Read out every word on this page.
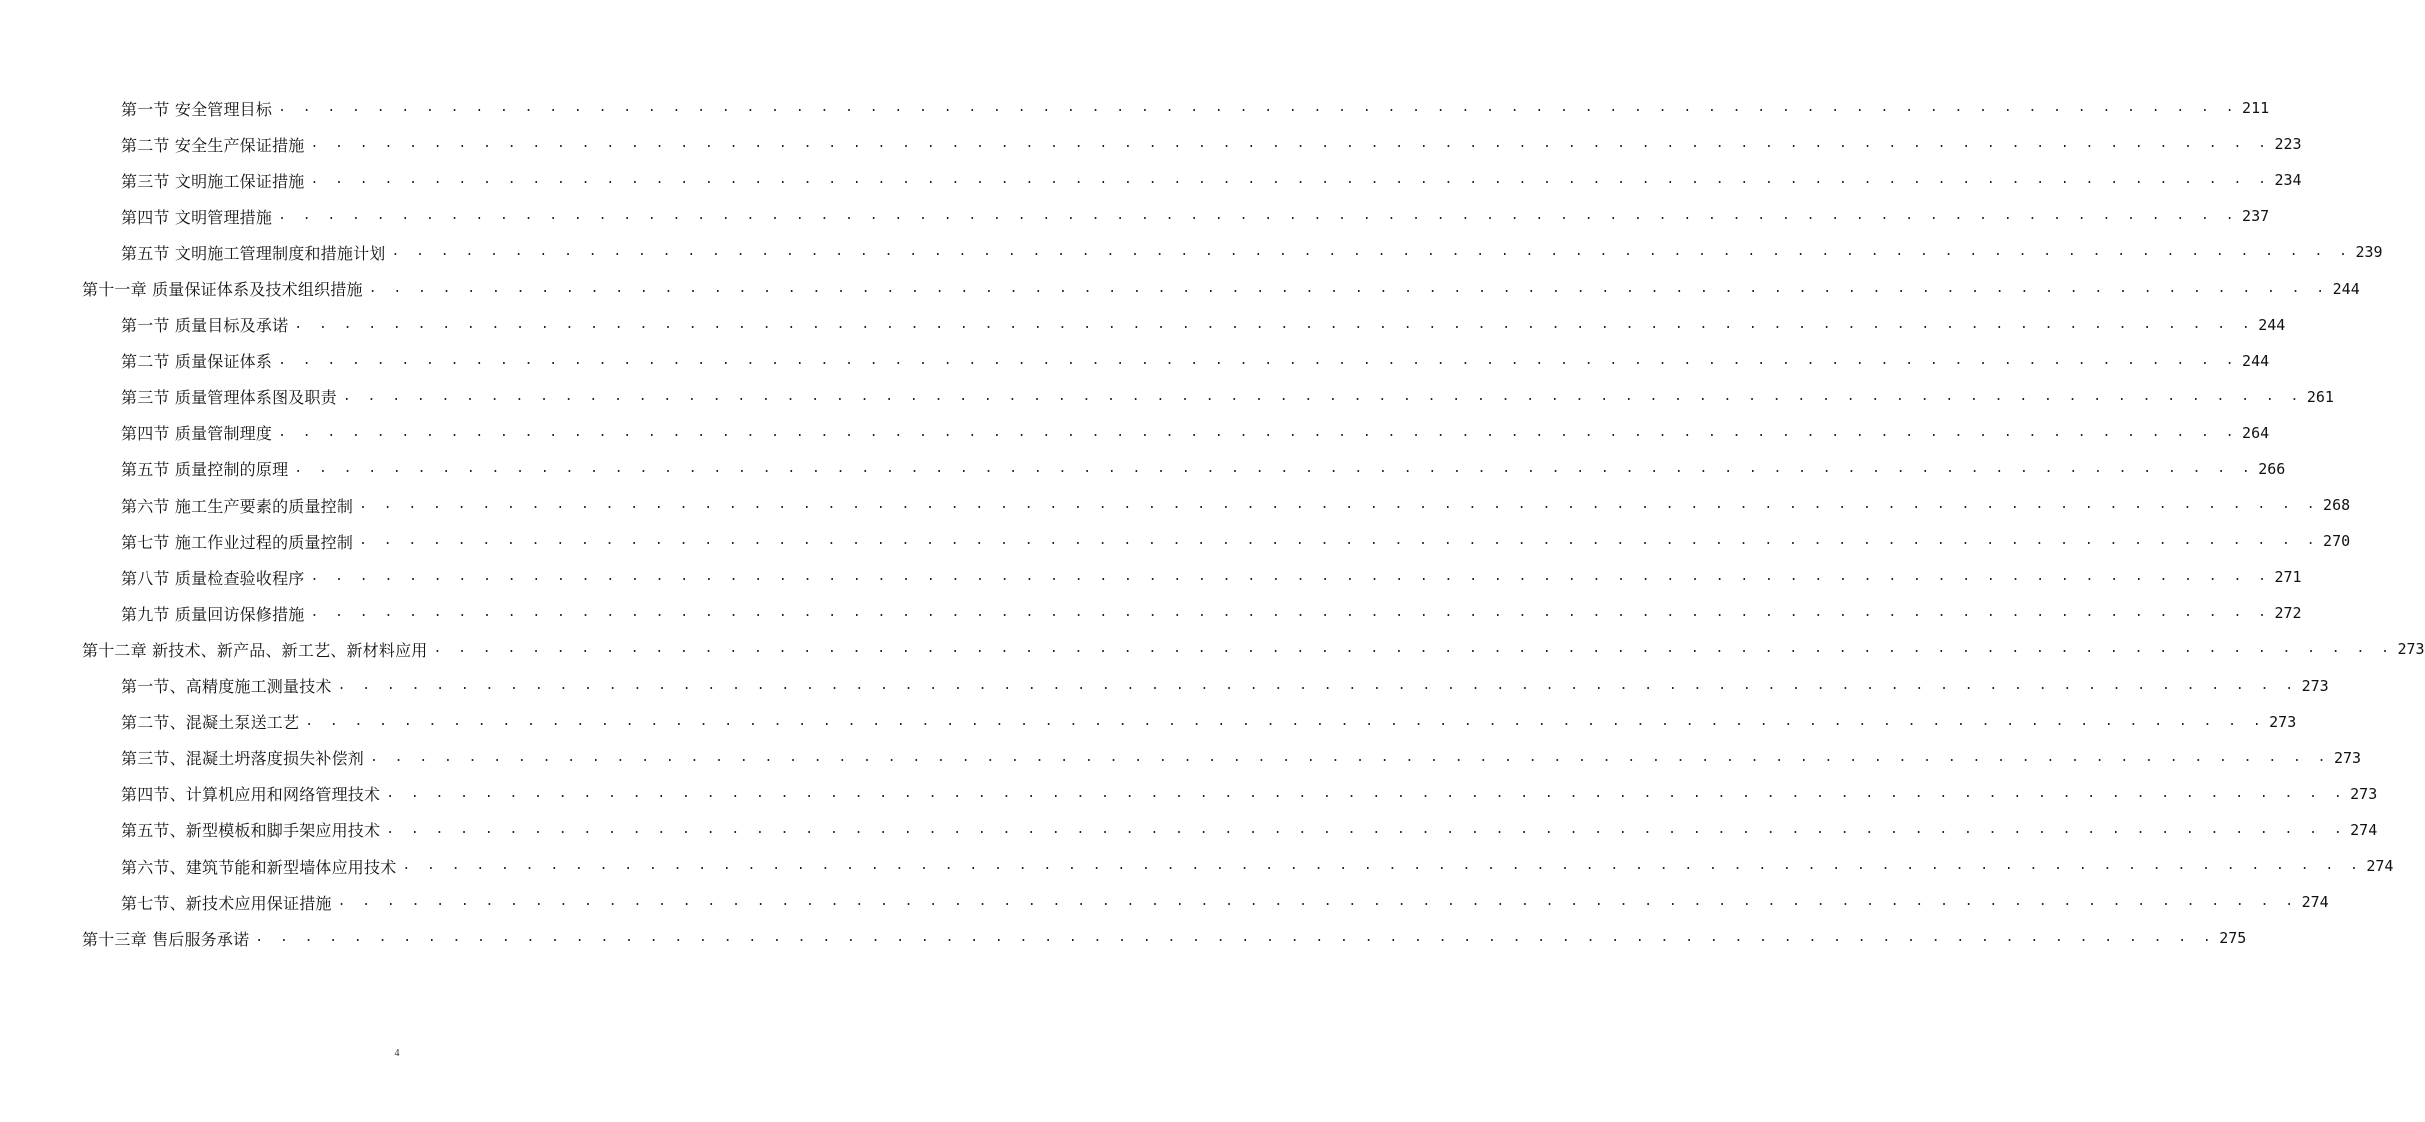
第一节 安全管理目标 . . . . . . . . . . . . . . . . . . . . . . . . . . . . . . . . . . . . . . . . . . . . . . . . . . . . . . . . . . . . . . . . . . . . . . . . . . . . . . . . 211
第二节 安全生产保证措施 . . . . . . . . . . . . . . . . . . . . . . . . . . . . . . . . . . . . . . . . . . . . . . . . . . . . . . . . . . . . . . . . . . . . . . . . . . . . . . . . 223
第三节 文明施工保证措施 . . . . . . . . . . . . . . . . . . . . . . . . . . . . . . . . . . . . . . . . . . . . . . . . . . . . . . . . . . . . . . . . . . . . . . . . . . . . . . . . 234
第四节 文明管理措施 . . . . . . . . . . . . . . . . . . . . . . . . . . . . . . . . . . . . . . . . . . . . . . . . . . . . . . . . . . . . . . . . . . . . . . . . . . . . . . . . 237
第五节 文明施工管理制度和措施计划 . . . . . . . . . . . . . . . . . . . . . . . . . . . . . . . . . . . . . . . . . . . . . . . . . . . . . . . . . . . . . . . . . . . . . . . . . . . . . . . . 239
第十一章 质量保证体系及技术组织措施 . . . . . . . . . . . . . . . . . . . . . . . . . . . . . . . . . . . . . . . . . . . . . . . . . . . . . . . . . . . . . . . . . . . . . . . . . . . . . . . . 244
第一节 质量目标及承诺 . . . . . . . . . . . . . . . . . . . . . . . . . . . . . . . . . . . . . . . . . . . . . . . . . . . . . . . . . . . . . . . . . . . . . . . . . . . . . . . . 244
第二节 质量保证体系 . . . . . . . . . . . . . . . . . . . . . . . . . . . . . . . . . . . . . . . . . . . . . . . . . . . . . . . . . . . . . . . . . . . . . . . . . . . . . . . . 244
第三节 质量管理体系图及职责 . . . . . . . . . . . . . . . . . . . . . . . . . . . . . . . . . . . . . . . . . . . . . . . . . . . . . . . . . . . . . . . . . . . . . . . . . . . . . . . . 261
第四节 质量管制理度 . . . . . . . . . . . . . . . . . . . . . . . . . . . . . . . . . . . . . . . . . . . . . . . . . . . . . . . . . . . . . . . . . . . . . . . . . . . . . . . . 264
第五节 质量控制的原理 . . . . . . . . . . . . . . . . . . . . . . . . . . . . . . . . . . . . . . . . . . . . . . . . . . . . . . . . . . . . . . . . . . . . . . . . . . . . . . . . 266
第六节 施工生产要素的质量控制 . . . . . . . . . . . . . . . . . . . . . . . . . . . . . . . . . . . . . . . . . . . . . . . . . . . . . . . . . . . . . . . . . . . . . . . . . . . . . . . . 268
第七节 施工作业过程的质量控制 . . . . . . . . . . . . . . . . . . . . . . . . . . . . . . . . . . . . . . . . . . . . . . . . . . . . . . . . . . . . . . . . . . . . . . . . . . . . . . . . 270
第八节 质量检查验收程序 . . . . . . . . . . . . . . . . . . . . . . . . . . . . . . . . . . . . . . . . . . . . . . . . . . . . . . . . . . . . . . . . . . . . . . . . . . . . . . . . 271
第九节 质量回访保修措施 . . . . . . . . . . . . . . . . . . . . . . . . . . . . . . . . . . . . . . . . . . . . . . . . . . . . . . . . . . . . . . . . . . . . . . . . . . . . . . . . 272
第十二章 新技术、新产品、新工艺、新材料应用 . . . . . . . . . . . . . . . . . . . . . . . . . . . . . . . . . . . . . . . . . . . . . . . . . . . . . . . . . . . . . . . . . . . . . . . . . . . . . . . . 273
第一节、高精度施工测量技术 . . . . . . . . . . . . . . . . . . . . . . . . . . . . . . . . . . . . . . . . . . . . . . . . . . . . . . . . . . . . . . . . . . . . . . . . . . . . . . . . 273
第二节、混凝土泵送工艺 . . . . . . . . . . . . . . . . . . . . . . . . . . . . . . . . . . . . . . . . . . . . . . . . . . . . . . . . . . . . . . . . . . . . . . . . . . . . . . . . 273
第三节、混凝土坍落度损失补偿剂 . . . . . . . . . . . . . . . . . . . . . . . . . . . . . . . . . . . . . . . . . . . . . . . . . . . . . . . . . . . . . . . . . . . . . . . . . . . . . . . . 273
第四节、计算机应用和网络管理技术 . . . . . . . . . . . . . . . . . . . . . . . . . . . . . . . . . . . . . . . . . . . . . . . . . . . . . . . . . . . . . . . . . . . . . . . . . . . . . . . . 273
第五节、新型模板和脚手架应用技术 . . . . . . . . . . . . . . . . . . . . . . . . . . . . . . . . . . . . . . . . . . . . . . . . . . . . . . . . . . . . . . . . . . . . . . . . . . . . . . . . 274
第六节、建筑节能和新型墙体应用技术 . . . . . . . . . . . . . . . . . . . . . . . . . . . . . . . . . . . . . . . . . . . . . . . . . . . . . . . . . . . . . . . . . . . . . . . . . . . . . . . . 274
第七节、新技术应用保证措施 . . . . . . . . . . . . . . . . . . . . . . . . . . . . . . . . . . . . . . . . . . . . . . . . . . . . . . . . . . . . . . . . . . . . . . . . . . . . . . . . 274
第十三章 售后服务承诺 . . . . . . . . . . . . . . . . . . . . . . . . . . . . . . . . . . . . . . . . . . . . . . . . . . . . . . . . . . . . . . . . . . . . . . . . . . . . . . . . 275
4
